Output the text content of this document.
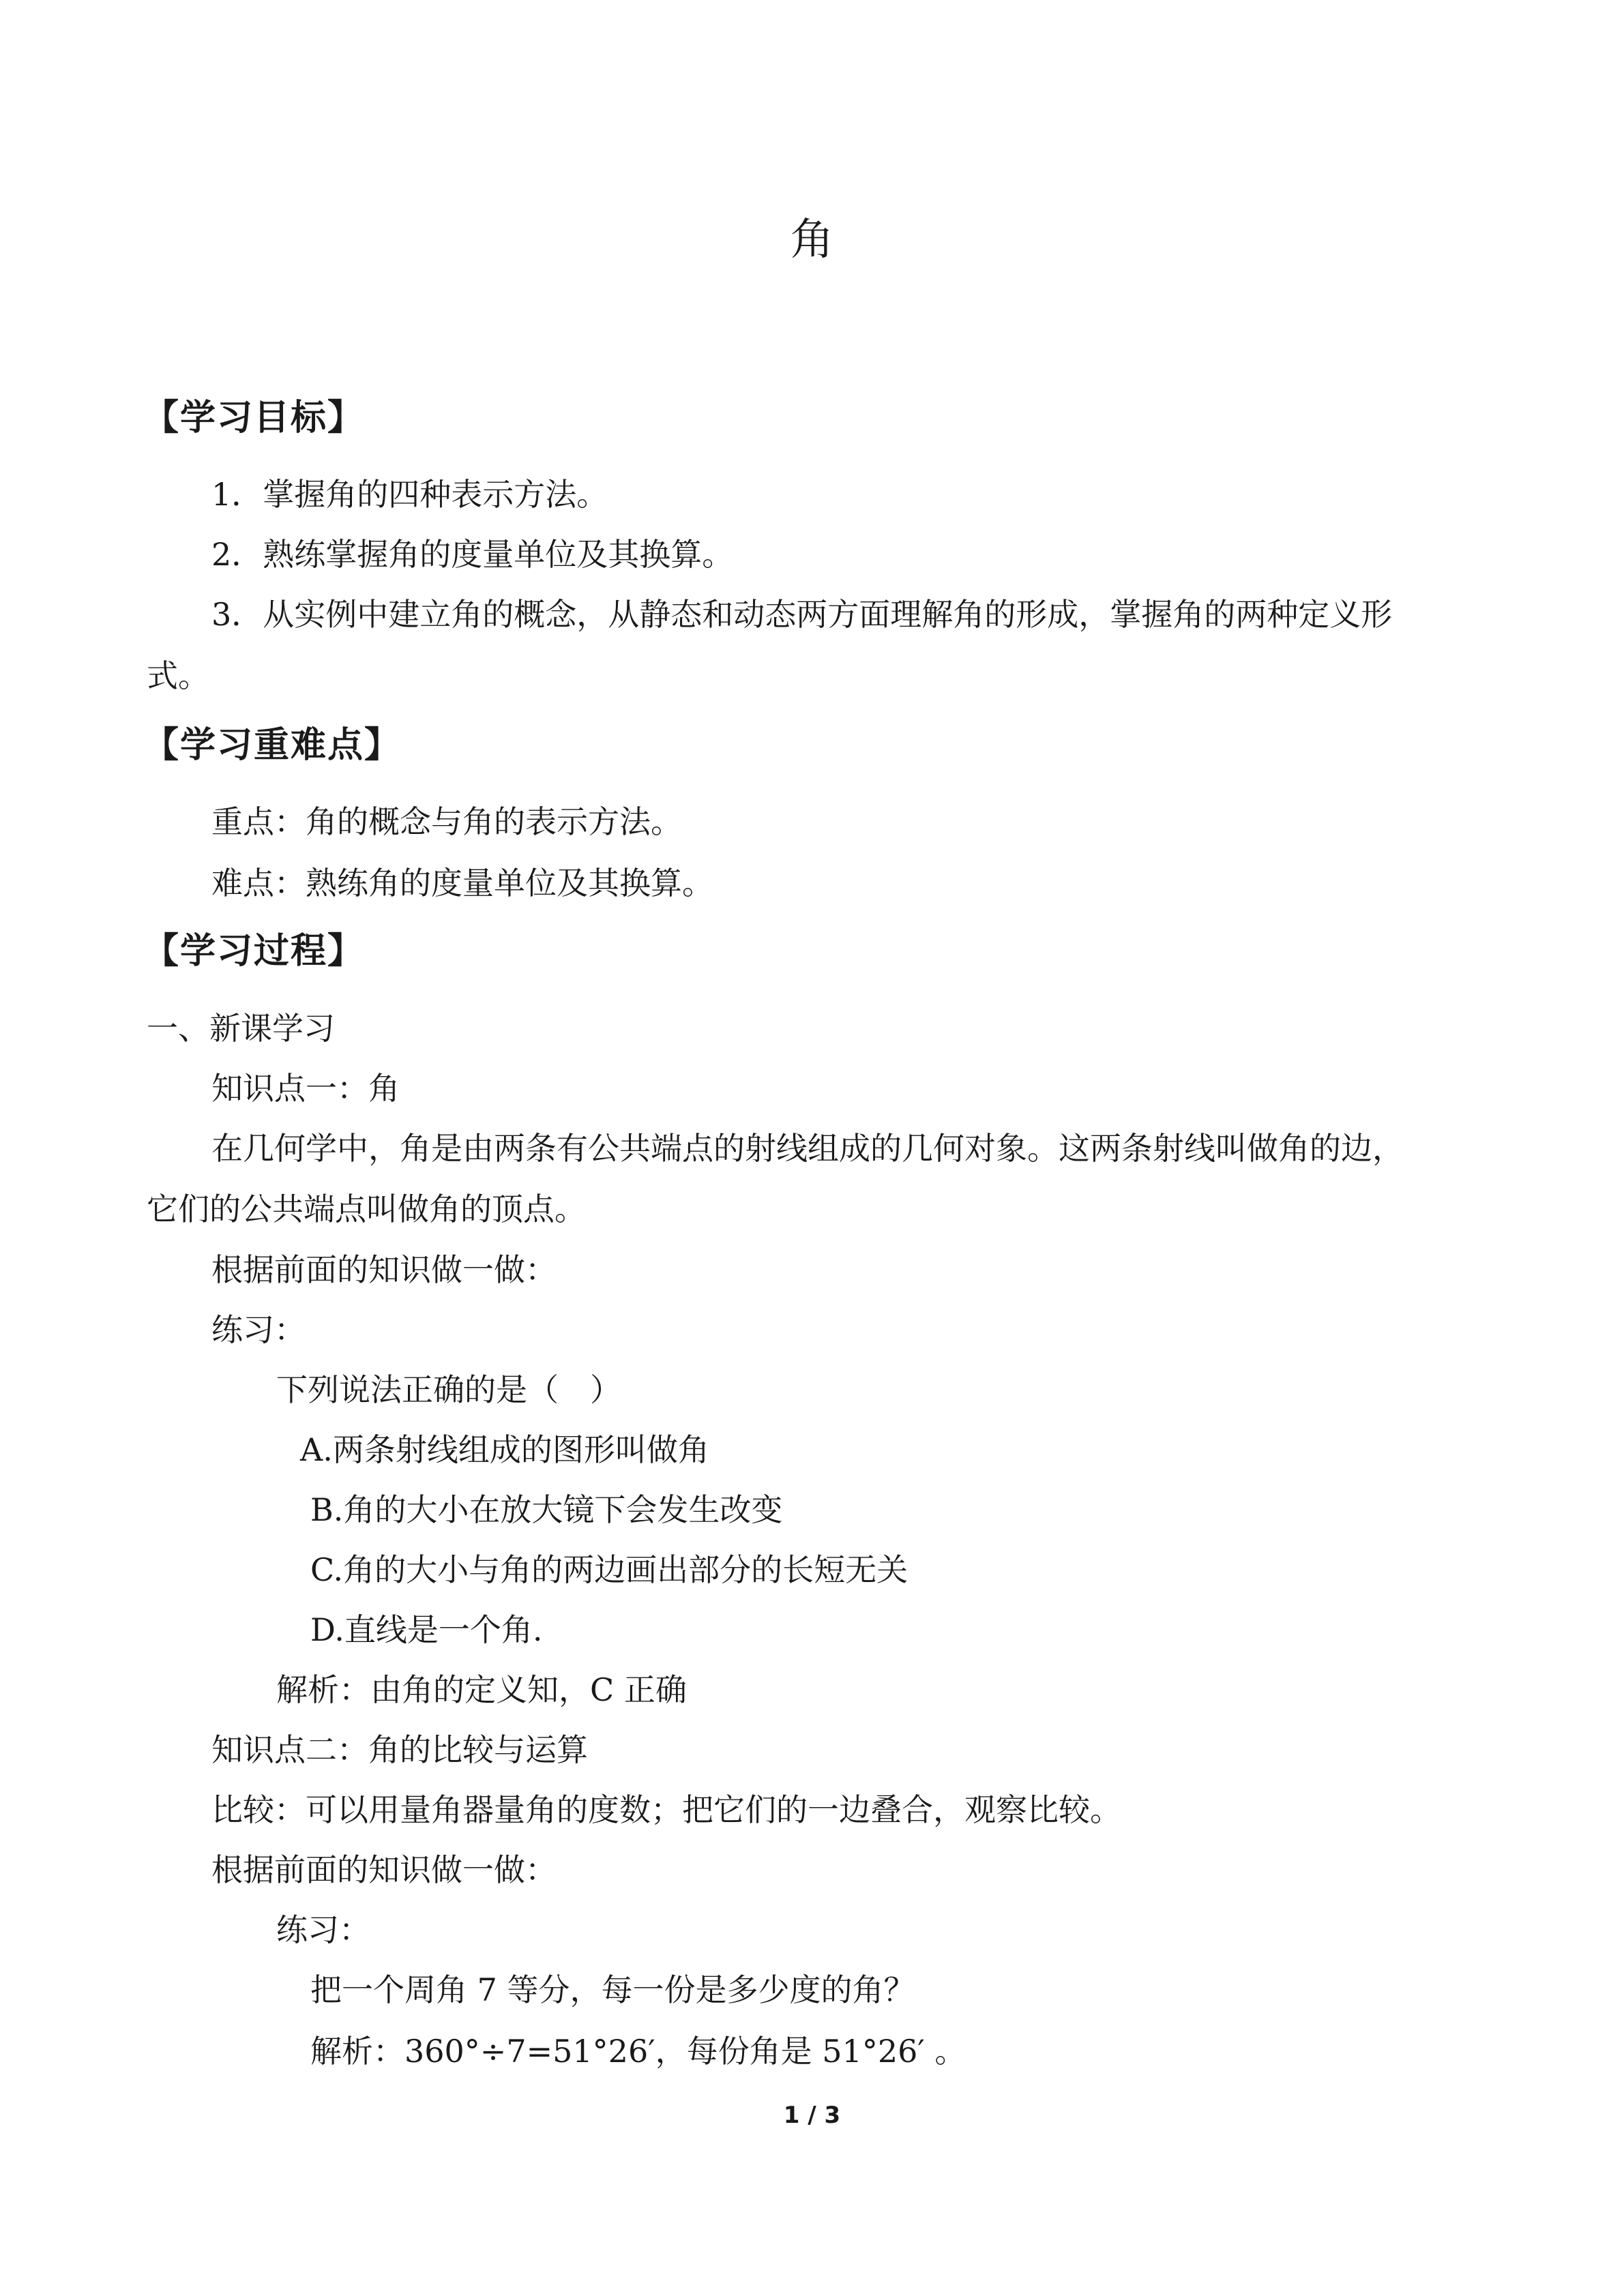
角
【学习目标】
1．掌握角的四种表示方法。
2．熟练掌握角的度量单位及其换算。
3．从实例中建立角的概念，从静态和动态两方面理解角的形成，掌握角的两种定义形
式。
【学习重难点】
重点：角的概念与角的表示方法。
难点：熟练角的度量单位及其换算。
【学习过程】
一、新课学习
知识点一：角
在几何学中，角是由两条有公共端点的射线组成的几何对象。这两条射线叫做角的边，
它们的公共端点叫做角的顶点。
根据前面的知识做一做：
练习：
下列说法正确的是（　）
A.两条射线组成的图形叫做角
B.角的大小在放大镜下会发生改变
C.角的大小与角的两边画出部分的长短无关
D.直线是一个角.
解析：由角的定义知，C 正确
知识点二：角的比较与运算
比较：可以用量角器量角的度数；把它们的一边叠合，观察比较。
根据前面的知识做一做：
练习：
把一个周角 7 等分，每一份是多少度的角？
解析：360°÷7=51°26′，每份角是 51°26′ 。
1 / 3
